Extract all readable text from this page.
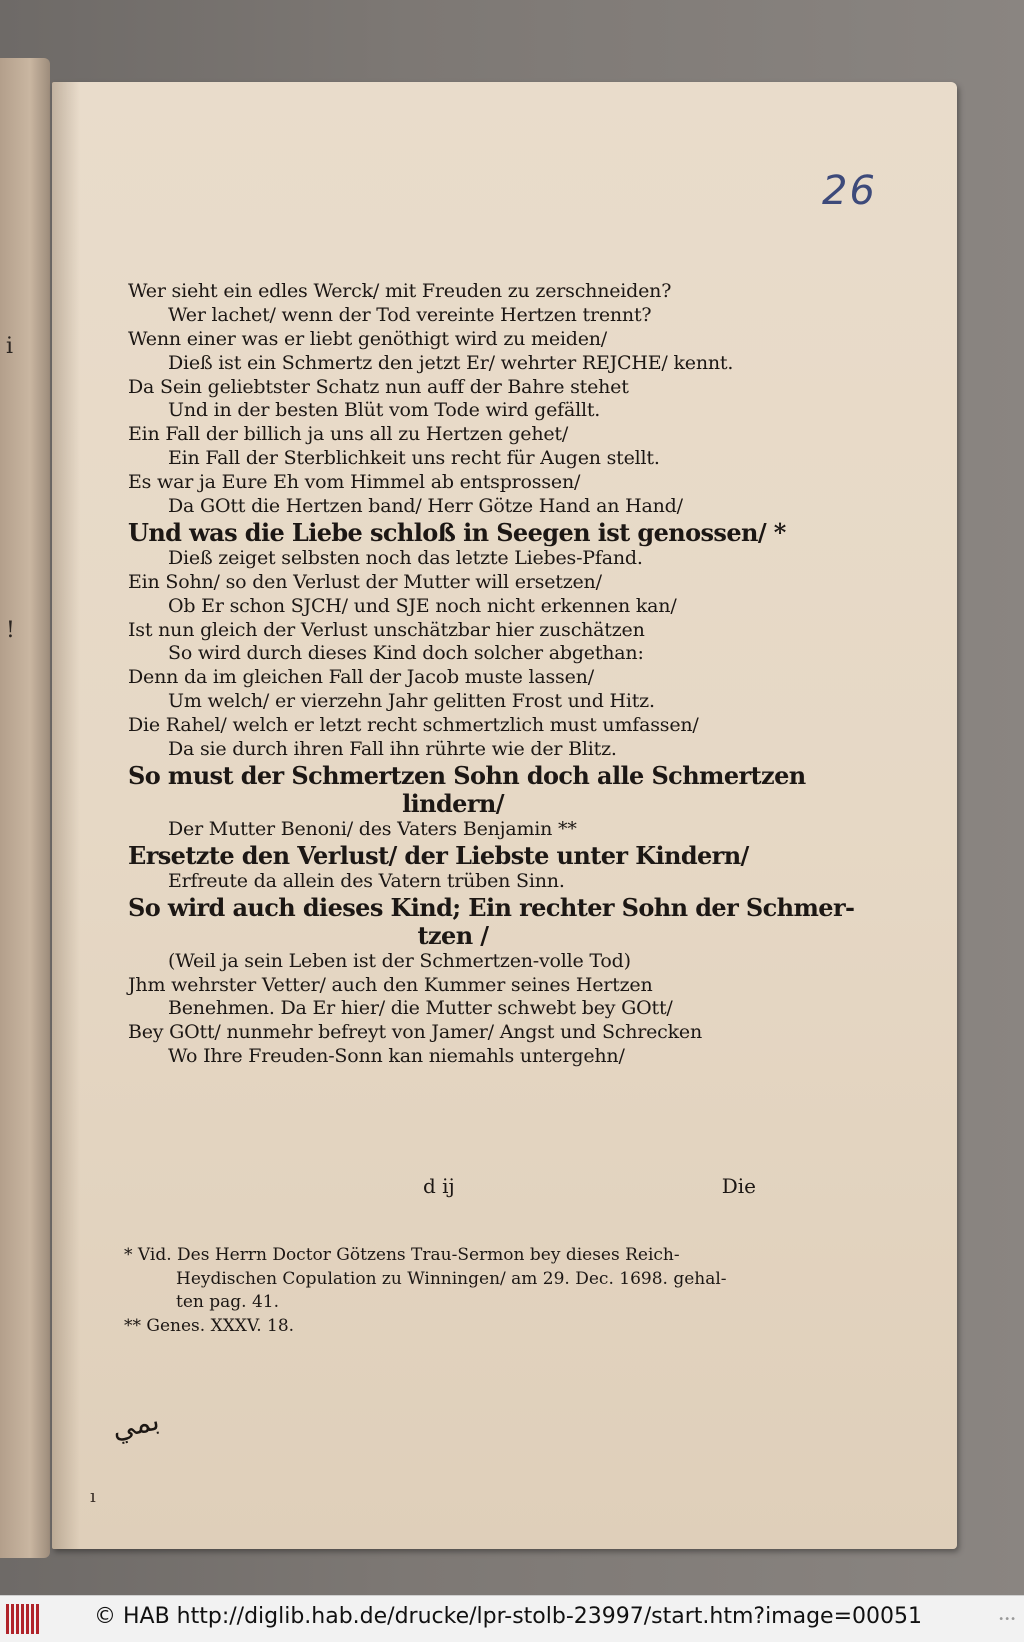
i
!
26
Wer sieht ein edles Werck/ mit Freuden zu zerschneiden?
Wer lachet/ wenn der Tod vereinte Hertzen trennt?
Wenn einer was er liebt genöthigt wird zu meiden/
Dieß ist ein Schmertz den jetzt Er/ wehrter REJCHE/ kennt.
Da Sein geliebtster Schatz nun auff der Bahre stehet
Und in der besten Blüt vom Tode wird gefällt.
Ein Fall der billich ja uns all zu Hertzen gehet/
Ein Fall der Sterblichkeit uns recht für Augen stellt.
Es war ja Eure Eh vom Himmel ab entsprossen/
Da GOtt die Hertzen band/ Herr Götze Hand an Hand/
Und was die Liebe schloß in Seegen ist genossen/ *
Dieß zeiget selbsten noch das letzte Liebes-Pfand.
Ein Sohn/ so den Verlust der Mutter will ersetzen/
Ob Er schon SJCH/ und SJE noch nicht erkennen kan/
Ist nun gleich der Verlust unschätzbar hier zuschätzen
So wird durch dieses Kind doch solcher abgethan:
Denn da im gleichen Fall der Jacob muste lassen/
Um welch/ er vierzehn Jahr gelitten Frost und Hitz.
Die Rahel/ welch er letzt recht schmertzlich must umfassen/
Da sie durch ihren Fall ihn rührte wie der Blitz.
So must der Schmertzen Sohn doch alle Schmertzen
lindern/
Der Mutter Benoni/ des Vaters Benjamin **
Ersetzte den Verlust/ der Liebste unter Kindern/
Erfreute da allein des Vatern trüben Sinn.
So wird auch dieses Kind; Ein rechter Sohn der Schmer-
tzen /
(Weil ja sein Leben ist der Schmertzen-volle Tod)
Jhm wehrster Vetter/ auch den Kummer seines Hertzen
Benehmen. Da Er hier/ die Mutter schwebt bey GOtt/
Bey GOtt/ nunmehr befreyt von Jamer/ Angst und Schrecken
Wo Ihre Freuden-Sonn kan niemahls untergehn/
d ij	Die
* Vid. Des Herrn Doctor Götzens Trau-Sermon bey dieses Reich-
Heydischen Copulation zu Winningen/ am 29. Dec. 1698. gehal-
ten pag. 41.
** Genes. XXXV. 18.
بمي
ı
© HAB http://diglib.hab.de/drucke/lpr-stolb-23997/start.htm?image=00051	•••
